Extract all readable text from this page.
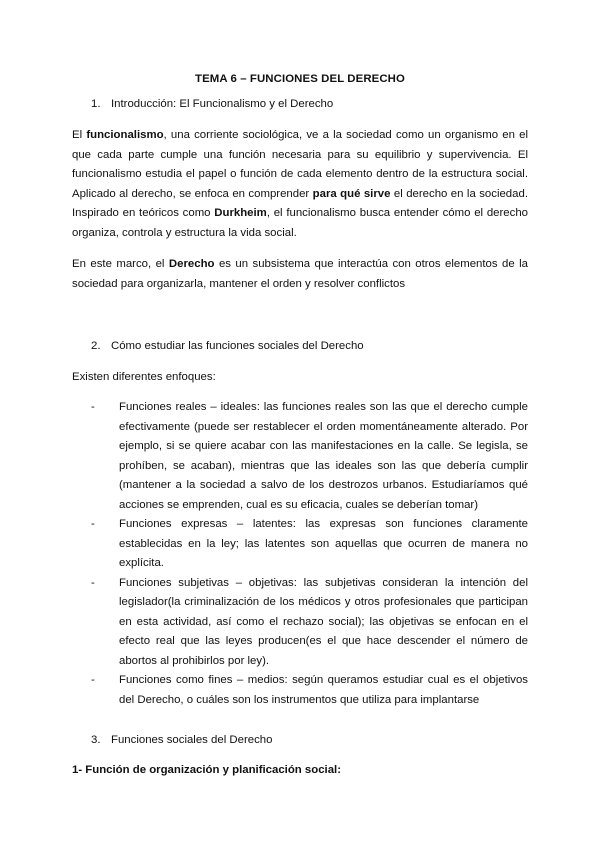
TEMA 6 – FUNCIONES DEL DERECHO
1. Introducción: El Funcionalismo y el Derecho

El funcionalismo, una corriente sociológica, ve a la sociedad como un organismo en el que cada parte cumple una función necesaria para su equilibrio y supervivencia. El funcionalismo estudia el papel o función de cada elemento dentro de la estructura social. Aplicado al derecho, se enfoca en comprender para qué sirve el derecho en la sociedad. Inspirado en teóricos como Durkheim, el funcionalismo busca entender cómo el derecho organiza, controla y estructura la vida social.

En este marco, el Derecho es un subsistema que interactúa con otros elementos de la sociedad para organizarla, mantener el orden y resolver conflictos

2. Cómo estudiar las funciones sociales del Derecho

Existen diferentes enfoques:

- Funciones reales – ideales: las funciones reales son las que el derecho cumple efectivamente (puede ser restablecer el orden momentáneamente alterado. Por ejemplo, si se quiere acabar con las manifestaciones en la calle. Se legisla, se prohíben, se acaban), mientras que las ideales son las que debería cumplir (mantener a la sociedad a salvo de los destrozos urbanos. Estudiaríamos qué acciones se emprenden, cual es su eficacia, cuales se deberían tomar)
- Funciones expresas – latentes: las expresas son funciones claramente establecidas en la ley; las latentes son aquellas que ocurren de manera no explícita.
- Funciones subjetivas – objetivas: las subjetivas consideran la intención del legislador(la criminalización de los médicos y otros profesionales que participan en esta actividad, así como el rechazo social); las objetivas se enfocan en el efecto real que las leyes producen(es el que hace descender el número de abortos al prohibirlos por ley).
- Funciones como fines – medios: según queramos estudiar cual es el objetivos del Derecho, o cuáles son los instrumentos que utiliza para implantarse
3. Funciones sociales del Derecho
1- Función de organización y planificación social:
